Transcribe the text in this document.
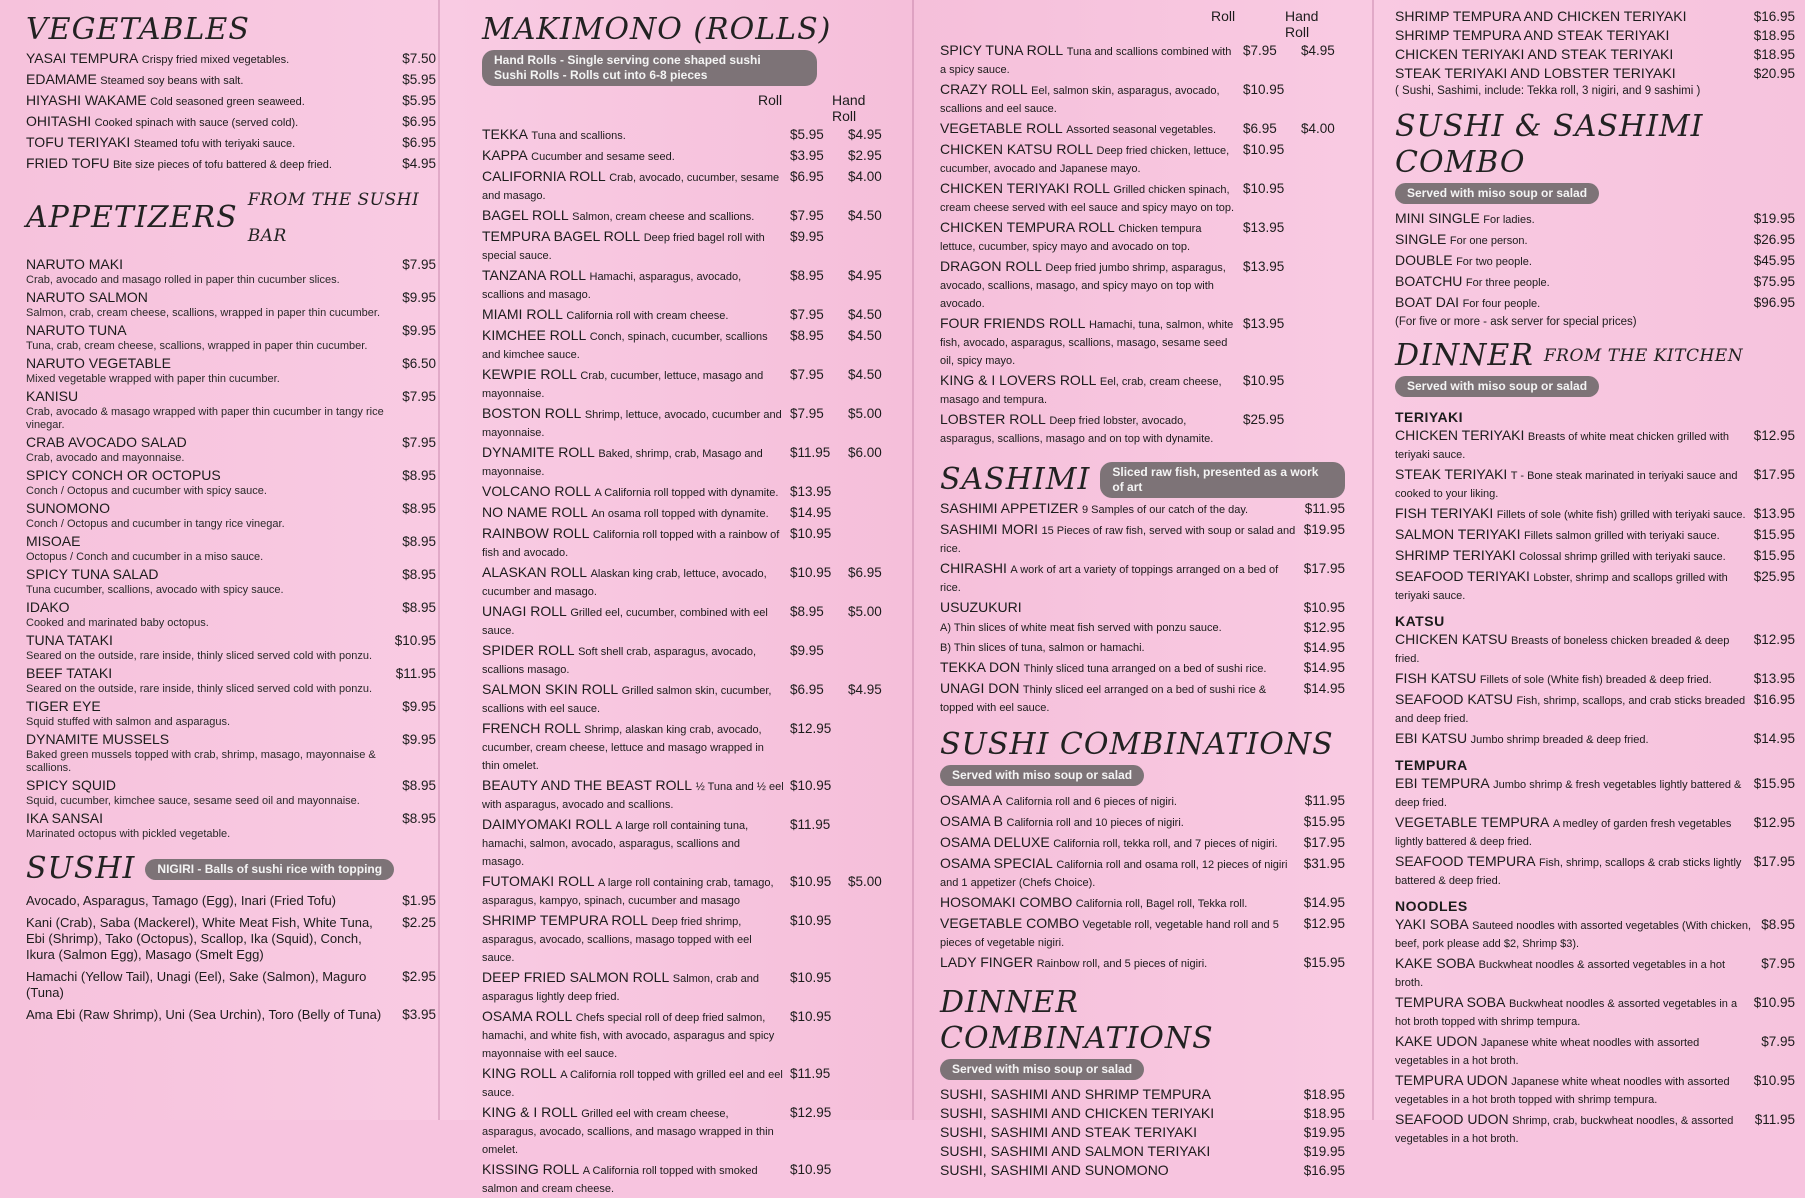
VEGETABLES
YASAI TEMPURA Crispy fried mixed vegetables.	$7.50
EDAMAME Steamed soy beans with salt.	$5.95
HIYASHI WAKAME Cold seasoned green seaweed.	$5.95
OHITASHI Cooked spinach with sauce (served cold).	$6.95
TOFU TERIYAKI Steamed tofu with teriyaki sauce.	$6.95
FRIED TOFU Bite size pieces of tofu battered & deep fried.	$4.95
APPETIZERS FROM THE SUSHI BAR
NARUTO MAKI
Crab, avocado and masago rolled in paper thin cucumber slices.
$7.95
NARUTO SALMON
Salmon, crab, cream cheese, scallions, wrapped in paper thin cucumber.
$9.95
NARUTO TUNA
Tuna, crab, cream cheese, scallions, wrapped in paper thin cucumber.
$9.95
NARUTO VEGETABLE
Mixed vegetable wrapped with paper thin cucumber.
$6.50
KANISU
Crab, avocado & masago wrapped with paper thin cucumber in tangy rice vinegar.
$7.95
CRAB AVOCADO SALAD
Crab, avocado and mayonnaise.
$7.95
SPICY CONCH OR OCTOPUS
Conch / Octopus and cucumber with spicy sauce.
$8.95
SUNOMONO
Conch / Octopus and cucumber in tangy rice vinegar.
$8.95
MISOAE
Octopus / Conch and cucumber in a miso sauce.
$8.95
SPICY TUNA SALAD
Tuna cucumber, scallions, avocado with spicy sauce.
$8.95
IDAKO
Cooked and marinated baby octopus.
$8.95
TUNA TATAKI
Seared on the outside, rare inside, thinly sliced served cold with ponzu.
$10.95
BEEF TATAKI
Seared on the outside, rare inside, thinly sliced served cold with ponzu.
$11.95
TIGER EYE
Squid stuffed with salmon and asparagus.
$9.95
DYNAMITE MUSSELS
Baked green mussels topped with crab, shrimp, masago, mayonnaise & scallions.
$9.95
SPICY SQUID
Squid, cucumber, kimchee sauce, sesame seed oil and mayonnaise.
$8.95
IKA SANSAI
Marinated octopus with pickled vegetable.
$8.95
SUSHI	NIGIRI - Balls of sushi rice with topping
Avocado, Asparagus, Tamago (Egg), Inari (Fried Tofu)	$1.95
Kani (Crab), Saba (Mackerel), White Meat Fish, White Tuna, Ebi (Shrimp), Tako (Octopus), Scallop, Ika (Squid), Conch, Ikura (Salmon Egg), Masago (Smelt Egg)
$2.25
Hamachi (Yellow Tail), Unagi (Eel), Sake (Salmon), Maguro (Tuna)
$2.95
Ama Ebi (Raw Shrimp), Uni (Sea Urchin), Toro (Belly of Tuna)	$3.95
MAKIMONO (ROLLS)
Hand Rolls - Single serving cone shaped sushi
Sushi Rolls - Rolls cut into 6-8 pieces
Roll	Hand Roll
TEKKA Tuna and scallions.	$5.95	$4.95
KAPPA Cucumber and sesame seed.	$3.95	$2.95
CALIFORNIA ROLL Crab, avocado, cucumber, sesame and masago.
$6.95	$4.00
BAGEL ROLL Salmon, cream cheese and scallions.	$7.95	$4.50
TEMPURA BAGEL ROLL Deep fried bagel roll with special sauce.
$9.95
TANZANA ROLL Hamachi, asparagus, avocado, scallions and masago.
$8.95	$4.95
MIAMI ROLL California roll with cream cheese.	$7.95	$4.50
KIMCHEE ROLL Conch, spinach, cucumber, scallions and kimchee sauce.
$8.95	$4.50
KEWPIE ROLL Crab, cucumber, lettuce, masago and mayonnaise.
$7.95	$4.50
BOSTON ROLL Shrimp, lettuce, avocado, cucumber and mayonnaise.
$7.95	$5.00
DYNAMITE ROLL Baked, shrimp, crab, Masago and mayonnaise.
$11.95 $6.00
VOLCANO ROLL A California roll topped with dynamite. $13.95
NO NAME ROLL An osama roll topped with dynamite.	$14.95
RAINBOW ROLL California roll topped with a rainbow of fish and avocado.
$10.95
ALASKAN ROLL Alaskan king crab, lettuce, avocado, cucumber and masago.
$10.95 $6.95
UNAGI ROLL Grilled eel, cucumber, combined with eel sauce.
$8.95	$5.00
SPIDER ROLL Soft shell crab, asparagus, avocado, scallions masago.
$9.95
SALMON SKIN ROLL Grilled salmon skin, cucumber, scallions with eel sauce.
$6.95	$4.95
FRENCH ROLL Shrimp, alaskan king crab, avocado, cucumber, cream cheese, lettuce and masago wrapped in thin omelet.
$12.95
BEAUTY AND THE BEAST ROLL ½ Tuna and ½ eel with asparagus, avocado and scallions.
$10.95
DAIMYOMAKI ROLL A large roll containing tuna, hamachi, salmon, avocado, asparagus, scallions and masago.
$11.95
FUTOMAKI ROLL A large roll containing crab, tamago, asparagus, kampyo, spinach, cucumber and masago
$10.95 $5.00
SHRIMP TEMPURA ROLL Deep fried shrimp, asparagus, avocado, scallions, masago topped with eel sauce.
$10.95
DEEP FRIED SALMON ROLL Salmon, crab and asparagus lightly deep fried.
$10.95
OSAMA ROLL Chefs special roll of deep fried salmon, hamachi, and white fish, with avocado, asparagus and spicy mayonnaise with eel sauce.
$10.95
KING ROLL A California roll topped with grilled eel and eel sauce.
$11.95
KING & I ROLL Grilled eel with cream cheese, asparagus, avocado, scallions, and masago wrapped in thin omelet.
$12.95
KISSING ROLL A California roll topped with smoked salmon and cream cheese.
$10.95
Roll	Hand Roll
SPICY TUNA ROLL Tuna and scallions combined with a spicy sauce.
$7.95	$4.95
CRAZY ROLL Eel, salmon skin, asparagus, avocado, scallions and eel sauce.
$10.95
VEGETABLE ROLL Assorted seasonal vegetables.	$6.95	$4.00
CHICKEN KATSU ROLL Deep fried chicken, lettuce, cucumber, avocado and Japanese mayo.
$10.95
CHICKEN TERIYAKI ROLL Grilled chicken spinach, cream cheese served with eel sauce and spicy mayo on top.
$10.95
CHICKEN TEMPURA ROLL Chicken tempura lettuce, cucumber, spicy mayo and avocado on top.
$13.95
DRAGON ROLL Deep fried jumbo shrimp, asparagus, avocado, scallions, masago, and spicy mayo on top with avocado.
$13.95
FOUR FRIENDS ROLL Hamachi, tuna, salmon, white fish, avocado, asparagus, scallions, masago, sesame seed oil, spicy mayo.
$13.95
KING & I LOVERS ROLL Eel, crab, cream cheese, masago and tempura.
$10.95
LOBSTER ROLL Deep fried lobster, avocado, asparagus, scallions, masago and on top with dynamite.
$25.95
SASHIMI	Sliced raw fish, presented as a work of art
SASHIMI APPETIZER 9 Samples of our catch of the day.	$11.95
SASHIMI MORI 15 Pieces of raw fish, served with soup or salad and rice.
$19.95
CHIRASHI A work of art a variety of toppings arranged on a bed of rice.
$17.95
USUZUKURI	$10.95
A) Thin slices of white meat fish served with ponzu sauce.	$12.95
B) Thin slices of tuna, salmon or hamachi.	$14.95
TEKKA DON Thinly sliced tuna arranged on a bed of sushi rice.	$14.95
UNAGI DON Thinly sliced eel arranged on a bed of sushi rice & topped with eel sauce.
$14.95
SUSHI COMBINATIONS
Served with miso soup or salad
OSAMA A California roll and 6 pieces of nigiri.	$11.95
OSAMA B California roll and 10 pieces of nigiri.	$15.95
OSAMA DELUXE California roll, tekka roll, and 7 pieces of nigiri.	$17.95
OSAMA SPECIAL California roll and osama roll, 12 pieces of nigiri and 1 appetizer (Chefs Choice).
$31.95
HOSOMAKI COMBO California roll, Bagel roll, Tekka roll.	$14.95
VEGETABLE COMBO Vegetable roll, vegetable hand roll and 5 pieces of vegetable nigiri.
$12.95
LADY FINGER Rainbow roll, and 5 pieces of nigiri.	$15.95
DINNER COMBINATIONS
Served with miso soup or salad
SUSHI, SASHIMI AND SHRIMP TEMPURA	$18.95
SUSHI, SASHIMI AND CHICKEN TERIYAKI	$18.95
SUSHI, SASHIMI AND STEAK TERIYAKI	$19.95
SUSHI, SASHIMI AND SALMON TERIYAKI	$19.95
SUSHI, SASHIMI AND SUNOMONO	$16.95
SHRIMP TEMPURA AND CHICKEN TERIYAKI	$16.95
SHRIMP TEMPURA AND STEAK TERIYAKI	$18.95
CHICKEN TERIYAKI AND STEAK TERIYAKI	$18.95
STEAK TERIYAKI AND LOBSTER TERIYAKI	$20.95
( Sushi, Sashimi, include: Tekka roll, 3 nigiri, and 9 sashimi )
SUSHI & SASHIMI COMBO
Served with miso soup or salad
MINI SINGLE For ladies.	$19.95
SINGLE For one person.	$26.95
DOUBLE For two people.	$45.95
BOATCHU For three people.	$75.95
BOAT DAI For four people.	$96.95
(For five or more - ask server for special prices)
DINNER FROM THE KITCHEN
Served with miso soup or salad
TERIYAKI
CHICKEN TERIYAKI Breasts of white meat chicken grilled with teriyaki sauce.
$12.95
STEAK TERIYAKI T - Bone steak marinated in teriyaki sauce and cooked to your liking.
$17.95
FISH TERIYAKI Fillets of sole (white fish) grilled with teriyaki sauce. $13.95
SALMON TERIYAKI Fillets salmon grilled with teriyaki sauce.	$15.95
SHRIMP TERIYAKI Colossal shrimp grilled with teriyaki sauce.	$15.95
SEAFOOD TERIYAKI Lobster, shrimp and scallops grilled with teriyaki sauce.
$25.95
KATSU
CHICKEN KATSU Breasts of boneless chicken breaded & deep fried.
$12.95
FISH KATSU Fillets of sole (White fish) breaded & deep fried.	$13.95
SEAFOOD KATSU Fish, shrimp, scallops, and crab sticks breaded and deep fried.
$16.95
EBI KATSU Jumbo shrimp breaded & deep fried.	$14.95
TEMPURA
EBI TEMPURA Jumbo shrimp & fresh vegetables lightly battered & deep fried.
$15.95
VEGETABLE TEMPURA A medley of garden fresh vegetables lightly battered & deep fried.
$12.95
SEAFOOD TEMPURA Fish, shrimp, scallops & crab sticks lightly battered & deep fried.
$17.95
NOODLES
YAKI SOBA Sauteed noodles with assorted vegetables (With chicken, beef, pork please add $2, Shrimp $3).
$8.95
KAKE SOBA Buckwheat noodles & assorted vegetables in a hot broth.
$7.95
TEMPURA SOBA Buckwheat noodles & assorted vegetables in a hot broth topped with shrimp tempura.
$10.95
KAKE UDON Japanese white wheat noodles with assorted vegetables in a hot broth.
$7.95
TEMPURA UDON Japanese white wheat noodles with assorted vegetables in a hot broth topped with shrimp tempura.
$10.95
SEAFOOD UDON Shrimp, crab, buckwheat noodles, & assorted vegetables in a hot broth.
$11.95
